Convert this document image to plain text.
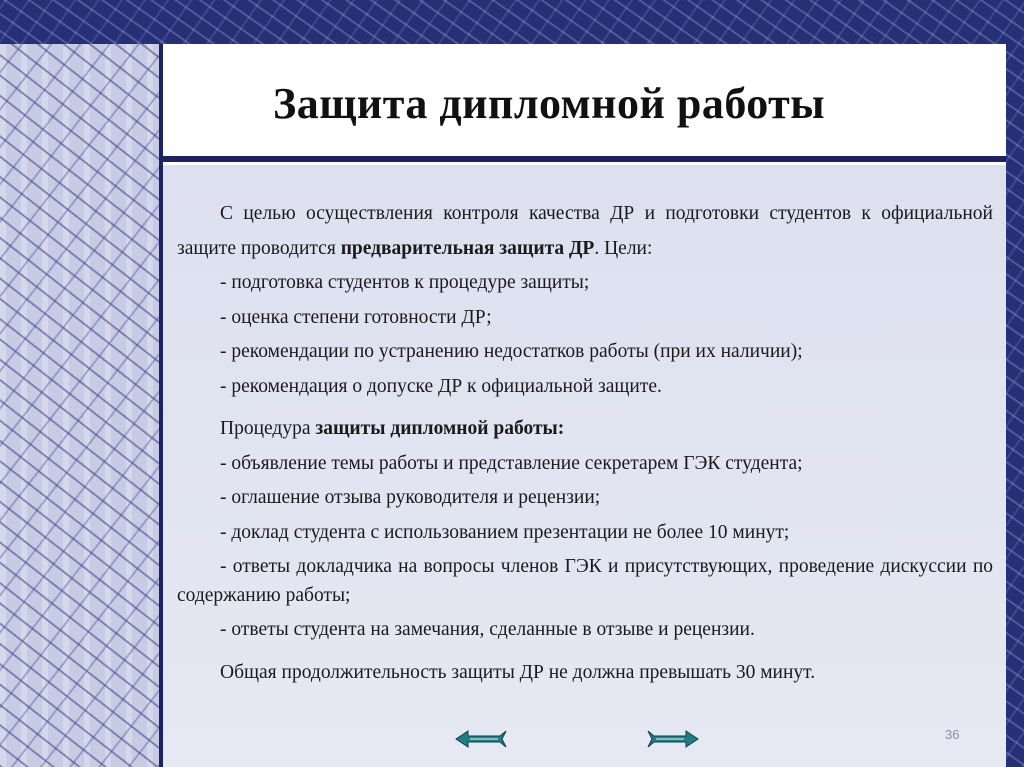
Защита дипломной работы

С целью осуществления контроля качества ДР и подготовки студентов к официальной защите проводится предварительная защита ДР. Цели:

- подготовка студентов к процедуре защиты;

- оценка степени готовности ДР;

- рекомендации по устранению недостатков работы (при их наличии);

- рекомендация о допуске ДР к официальной защите.

Процедура защиты дипломной работы:

- объявление темы работы и представление секретарем ГЭК студента;

- оглашение отзыва руководителя и рецензии;

- доклад студента с использованием презентации не более 10 минут;

- ответы докладчика на вопросы членов ГЭК и присутствующих, проведение дискуссии по содержанию работы;

- ответы студента на замечания, сделанные в отзыве и рецензии.

Общая продолжительность защиты ДР не должна превышать 30 минут.

36
